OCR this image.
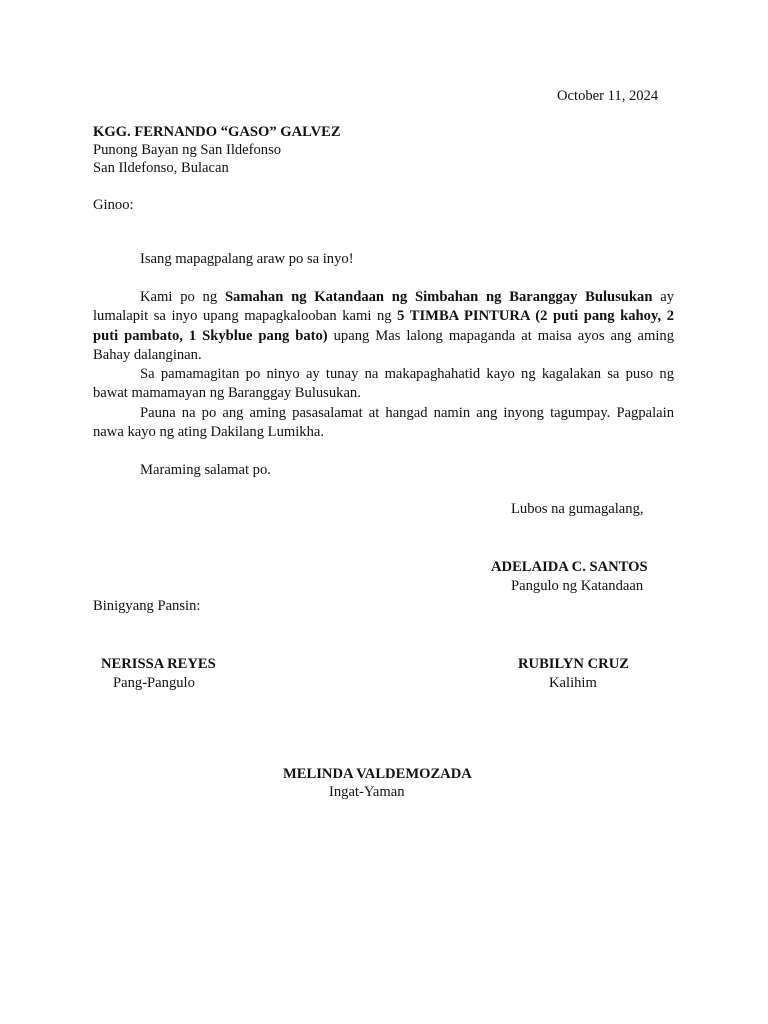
October 11, 2024
KGG. FERNANDO “GASO” GALVEZ
Punong Bayan ng San Ildefonso
San Ildefonso, Bulacan
Ginoo:
Isang mapagpalang araw po sa inyo!
Kami po ng Samahan ng Katandaan ng Simbahan ng Baranggay Bulusukan ay lumalapit sa inyo upang mapagkalooban kami ng 5 TIMBA PINTURA (2 puti pang kahoy, 2 puti pambato, 1 Skyblue pang bato) upang Mas lalong mapaganda at maisa ayos ang aming Bahay dalanginan.
Sa pamamagitan po ninyo ay tunay na makapaghahatid kayo ng kagalakan sa puso ng bawat mamamayan ng Baranggay Bulusukan.
Pauna na po ang aming pasasalamat at hangad namin ang inyong tagumpay. Pagpalain nawa kayo ng ating Dakilang Lumikha.
Maraming salamat po.
Lubos na gumagalang,
ADELAIDA C. SANTOS
Pangulo ng Katandaan
Binigyang Pansin:
NERISSA REYES
Pang-Pangulo
RUBILYN CRUZ
Kalihim
MELINDA VALDEMOZADA
Ingat-Yaman
